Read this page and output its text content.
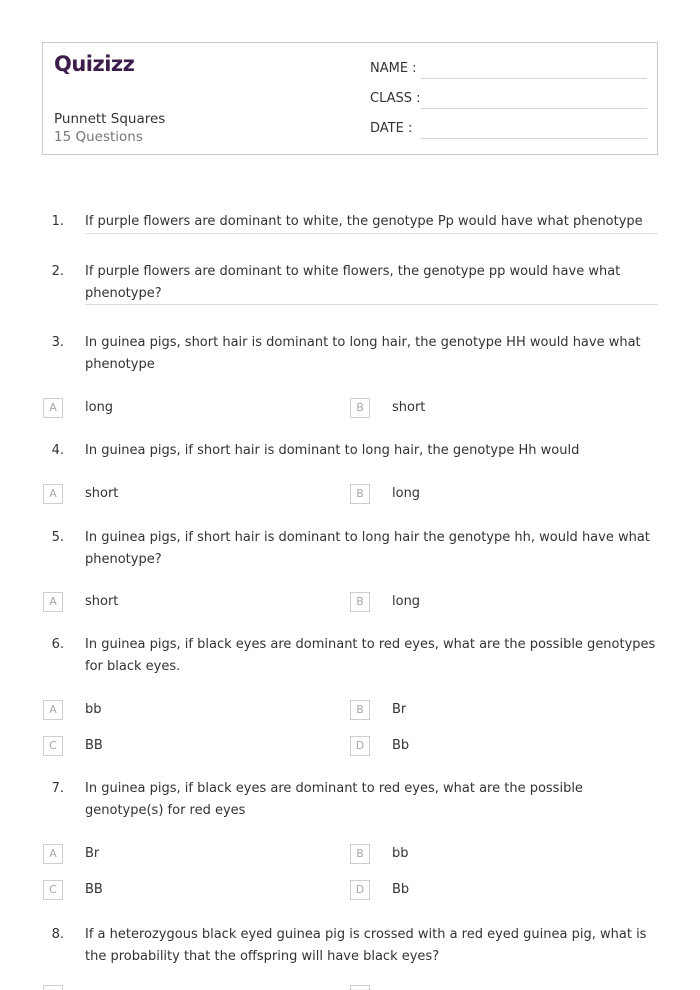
Quizizz
Punnett Squares
15 Questions
NAME :
CLASS :
DATE :
1. If purple flowers are dominant to white, the genotype Pp would have what phenotype
2. If purple flowers are dominant to white flowers, the genotype pp would have what phenotype?
3. In guinea pigs, short hair is dominant to long hair, the genotype HH would have what phenotype
A	long	B	short
4. In guinea pigs, if short hair is dominant to long hair, the genotype Hh would
A	short	B	long
5. In guinea pigs, if short hair is dominant to long hair the genotype hh, would have what phenotype?
A	short	B	long
6. In guinea pigs, if black eyes are dominant to red eyes, what are the possible genotypes for black eyes.
A	bb	B	Br
C	BB	D	Bb
7. In guinea pigs, if black eyes are dominant to red eyes, what are the possible genotype(s) for red eyes
A	Br	B	bb
C	BB	D	Bb
8. If a heterozygous black eyed guinea pig is crossed with a red eyed guinea pig, what is the probability that the offspring will have black eyes?
